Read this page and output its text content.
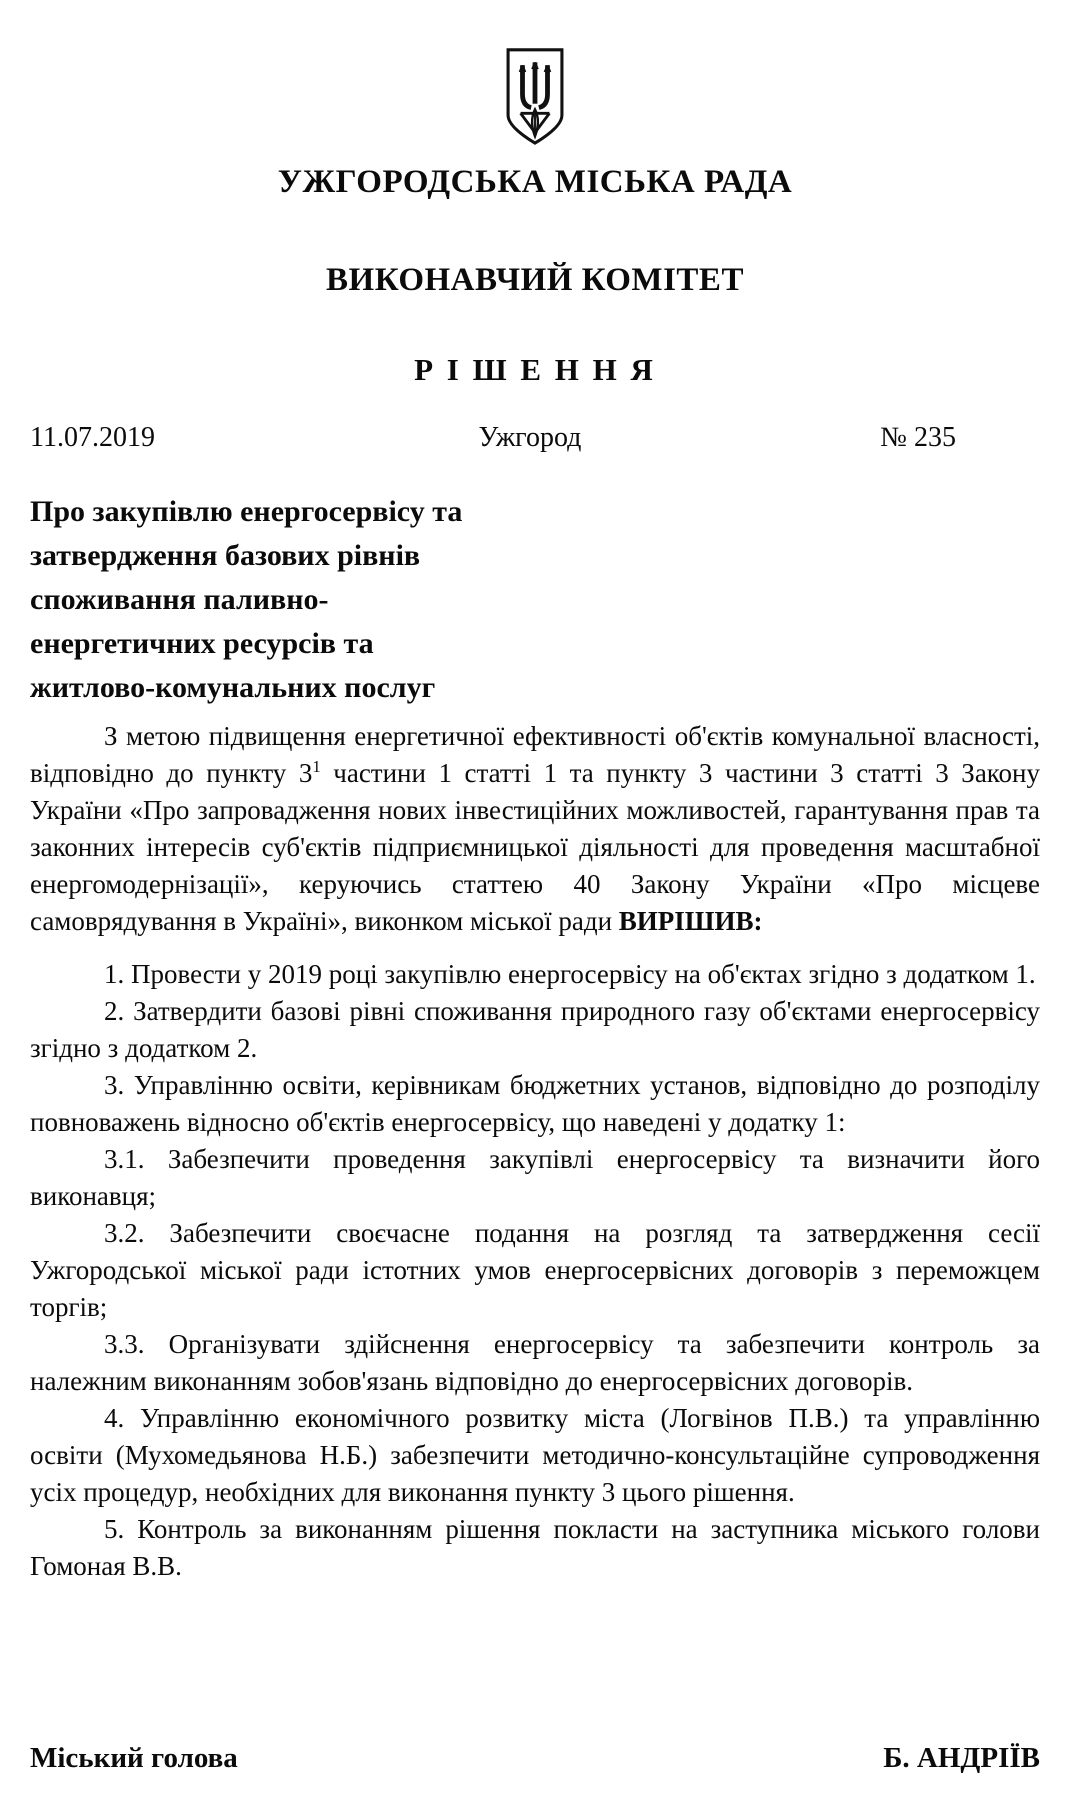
УЖГОРОДСЬКА МІСЬКА РАДА
ВИКОНАВЧИЙ КОМІТЕТ
Р І Ш Е Н Н Я
11.07.2019	Ужгород	№ 235
Про закупівлю енергосервісу та затвердження базових рівнів споживання паливно-енергетичних ресурсів та житлово-комунальних послуг

З метою підвищення енергетичної ефективності об'єктів комунальної власності, відповідно до пункту $3^1$ частини 1 статті 1 та пункту 3 частини 3 статті 3 Закону України «Про запровадження нових інвестиційних можливостей, гарантування прав та законних інтересів суб'єктів підприємницької діяльності для проведення масштабної енергомодернізації», керуючись статтею 40 Закону України «Про місцеве самоврядування в Україні», виконком міської ради ВИРІШИВ:

1. Провести у 2019 році закупівлю енергосервісу на об'єктах згідно з додатком 1.

2. Затвердити базові рівні споживання природного газу об'єктами енергосервісу згідно з додатком 2.

3. Управлінню освіти, керівникам бюджетних установ, відповідно до розподілу повноважень відносно об'єктів енергосервісу, що наведені у додатку 1:

3.1. Забезпечити проведення закупівлі енергосервісу та визначити його виконавця;

3.2. Забезпечити своєчасне подання на розгляд та затвердження сесії Ужгородської міської ради істотних умов енергосервісних договорів з переможцем торгів;

3.3. Організувати здійснення енергосервісу та забезпечити контроль за належним виконанням зобов'язань відповідно до енергосервісних договорів.

4. Управлінню економічного розвитку міста (Логвінов П.В.) та управлінню освіти (Мухомедьянова Н.Б.) забезпечити методично-консультаційне супроводження усіх процедур, необхідних для виконання пункту 3 цього рішення.

5. Контроль за виконанням рішення покласти на заступника міського голови Гомоная В.В.

Міський голова	Б. АНДРІЇВ
